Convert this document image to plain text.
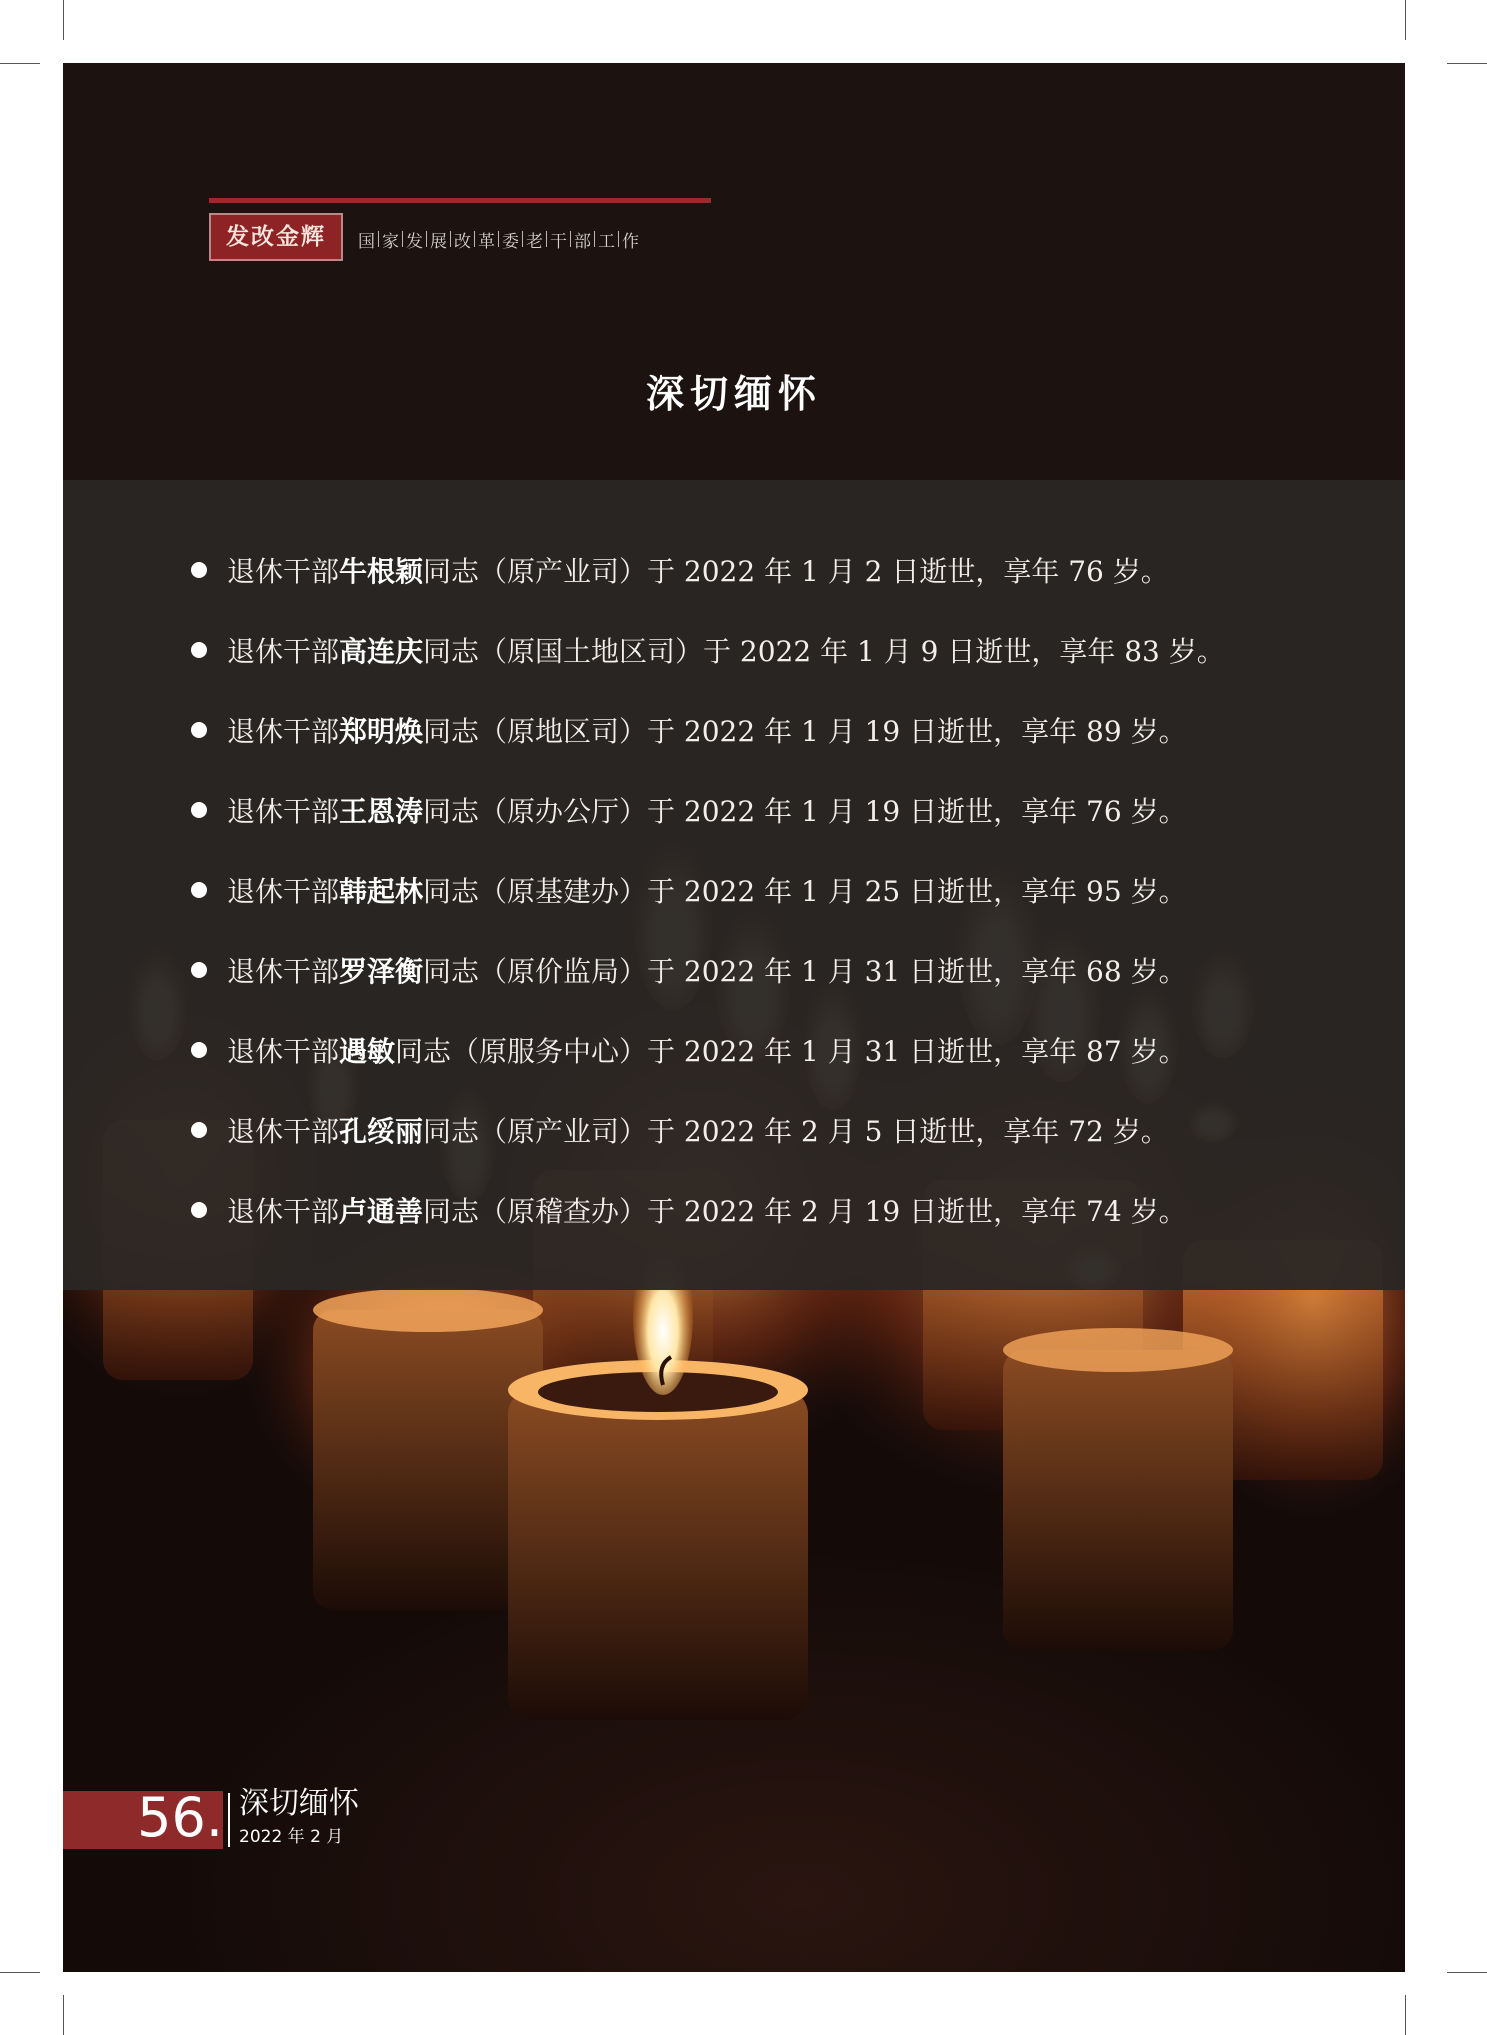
发改金辉	国 家 发 展 改 革 委 老 干 部 工 作
深切缅怀
退休干部 牛根颖 同志（原产业司）于 2022 年 1 月 2 日逝世，享年 76 岁。
退休干部 高连庆 同志（原国土地区司）于 2022 年 1 月 9 日逝世，享年 83 岁。
退休干部 郑明焕 同志（原地区司）于 2022 年 1 月 19 日逝世，享年 89 岁。
退休干部 王恩涛 同志（原办公厅）于 2022 年 1 月 19 日逝世，享年 76 岁。
退休干部 韩起林 同志（原基建办）于 2022 年 1 月 25 日逝世，享年 95 岁。
退休干部 罗泽衡 同志（原价监局）于 2022 年 1 月 31 日逝世，享年 68 岁。
退休干部 遇敏 同志（原服务中心）于 2022 年 1 月 31 日逝世，享年 87 岁。
退休干部 孔绥丽 同志（原产业司）于 2022 年 2 月 5 日逝世，享年 72 岁。
退休干部 卢通善 同志（原稽查办）于 2022 年 2 月 19 日逝世，享年 74 岁。
56. 深切缅怀
2022 年 2 月
